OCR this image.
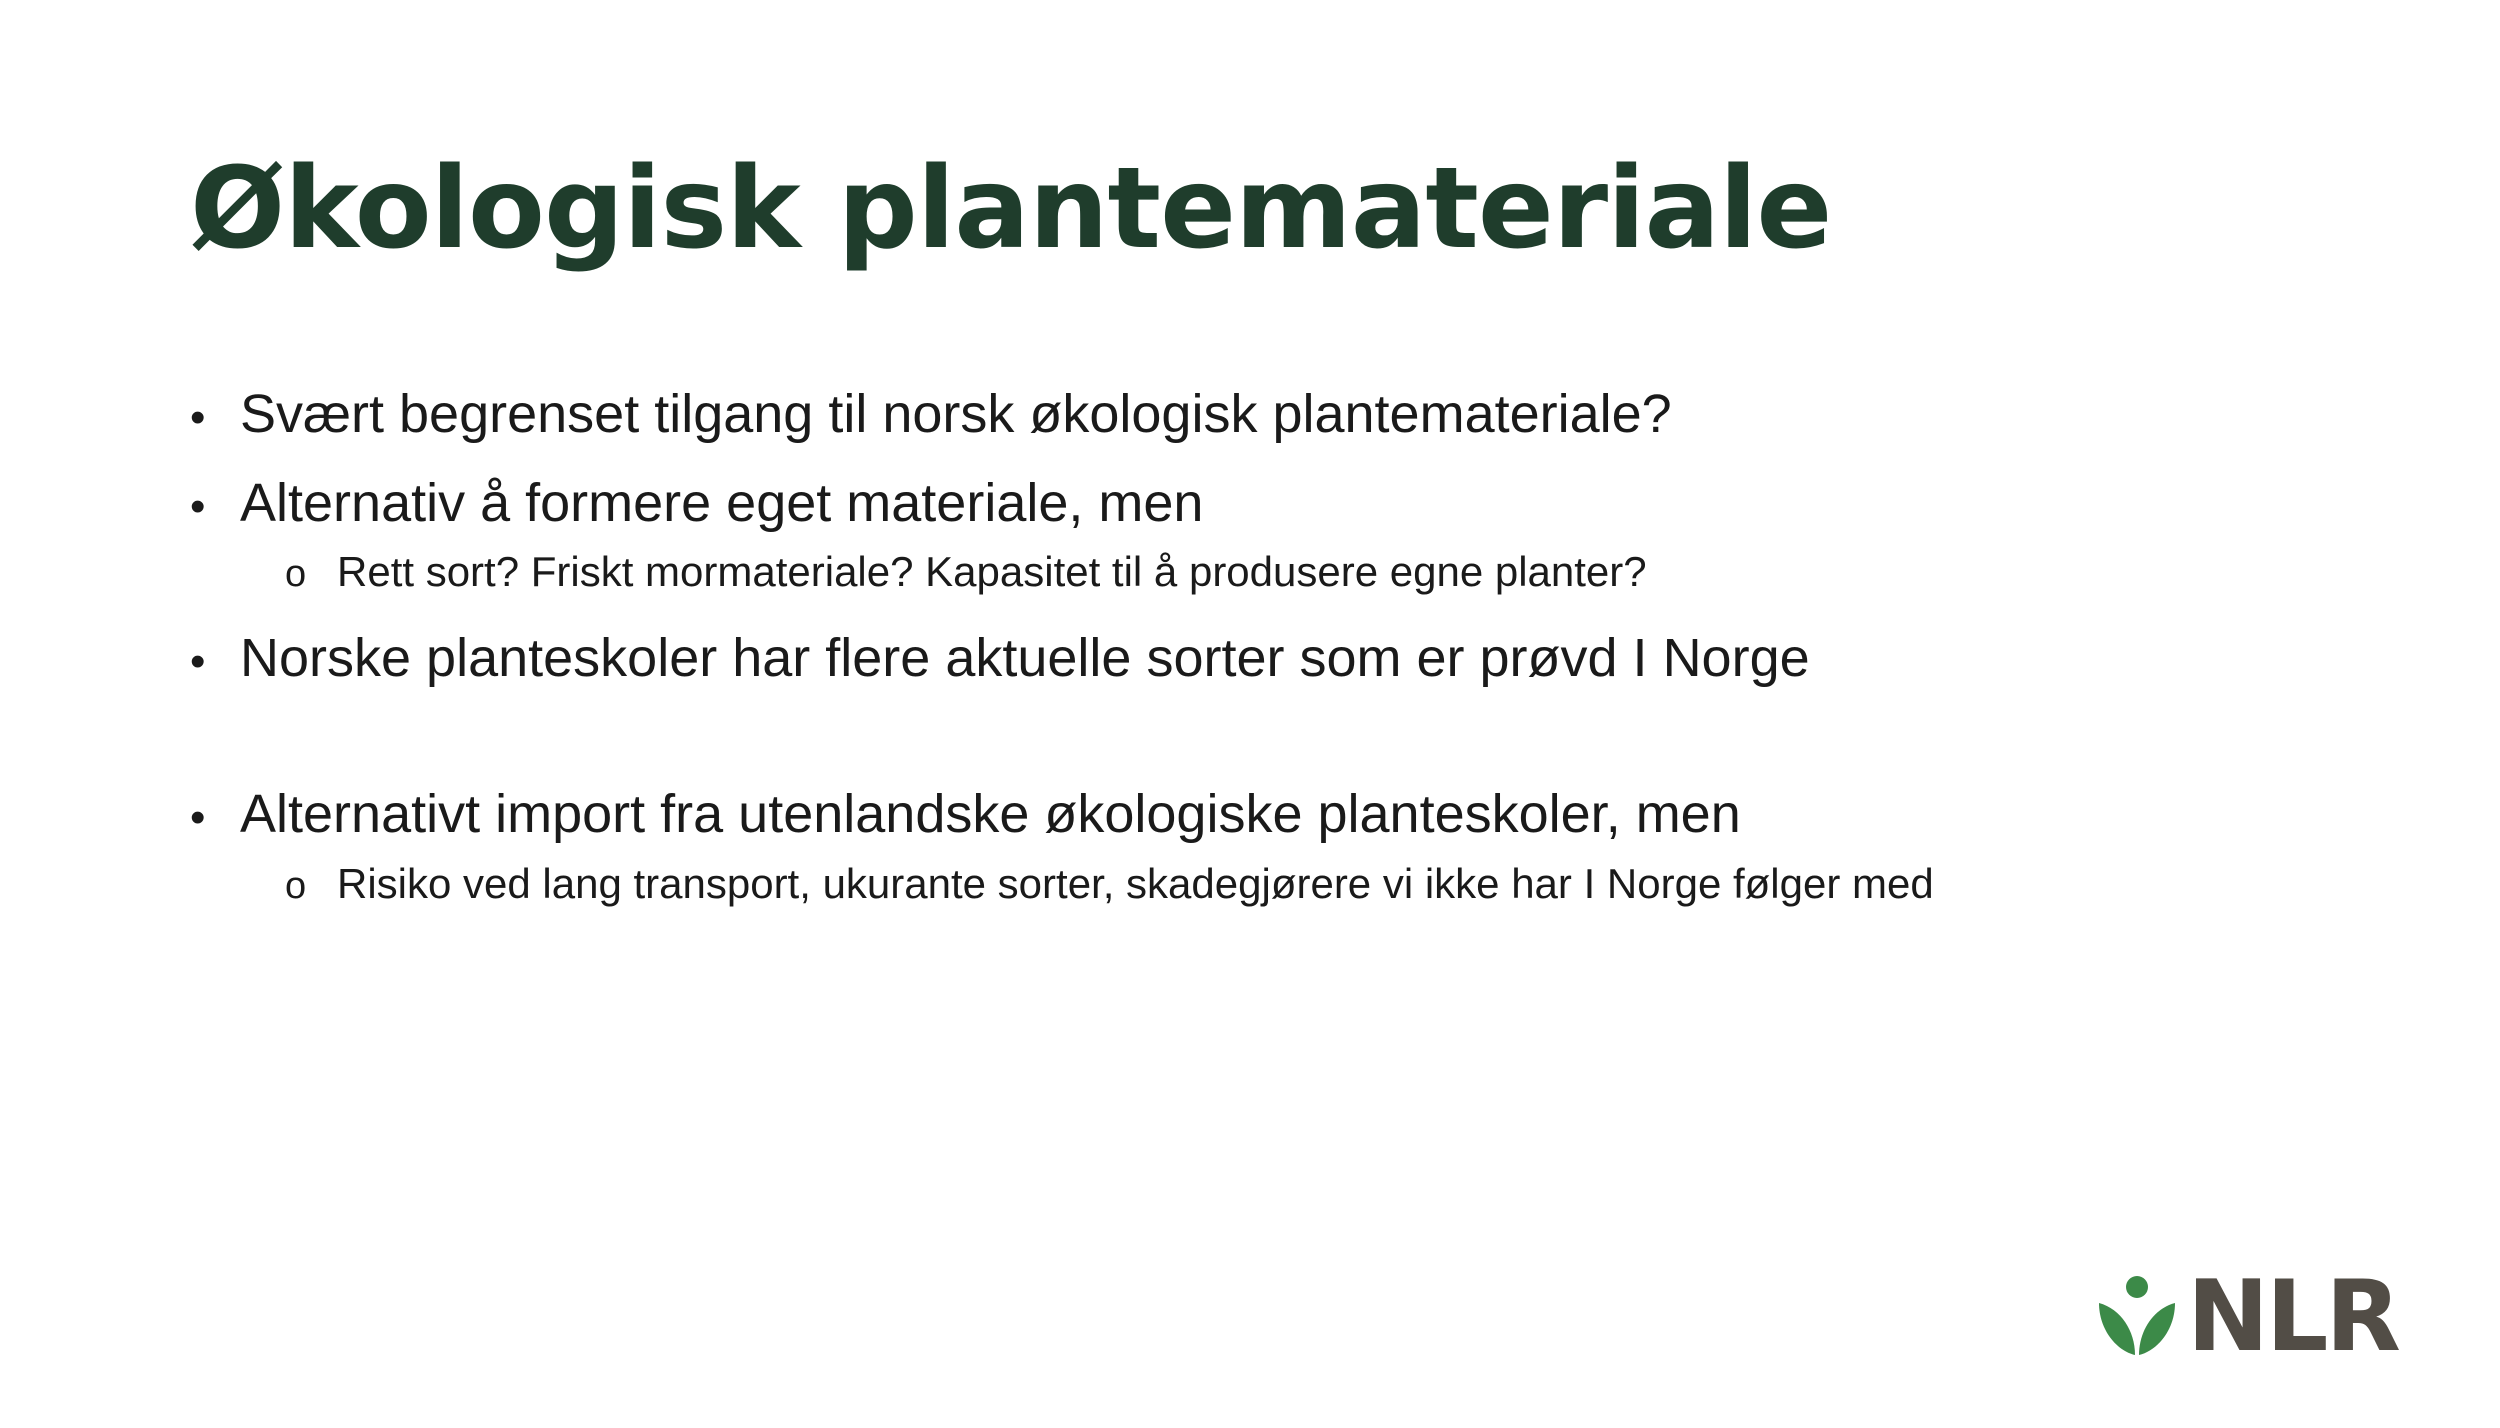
Økologisk plantemateriale
• Svært begrenset tilgang til norsk økologisk plantemateriale?
• Alternativ å formere eget materiale, men
o Rett sort? Friskt mormateriale? Kapasitet til å produsere egne planter?
• Norske planteskoler har flere aktuelle sorter som er prøvd I Norge
• Alternativt import fra utenlandske økologiske planteskoler, men
o Risiko ved lang transport, ukurante sorter, skadegjørere vi ikke har I Norge følger med
NLR
